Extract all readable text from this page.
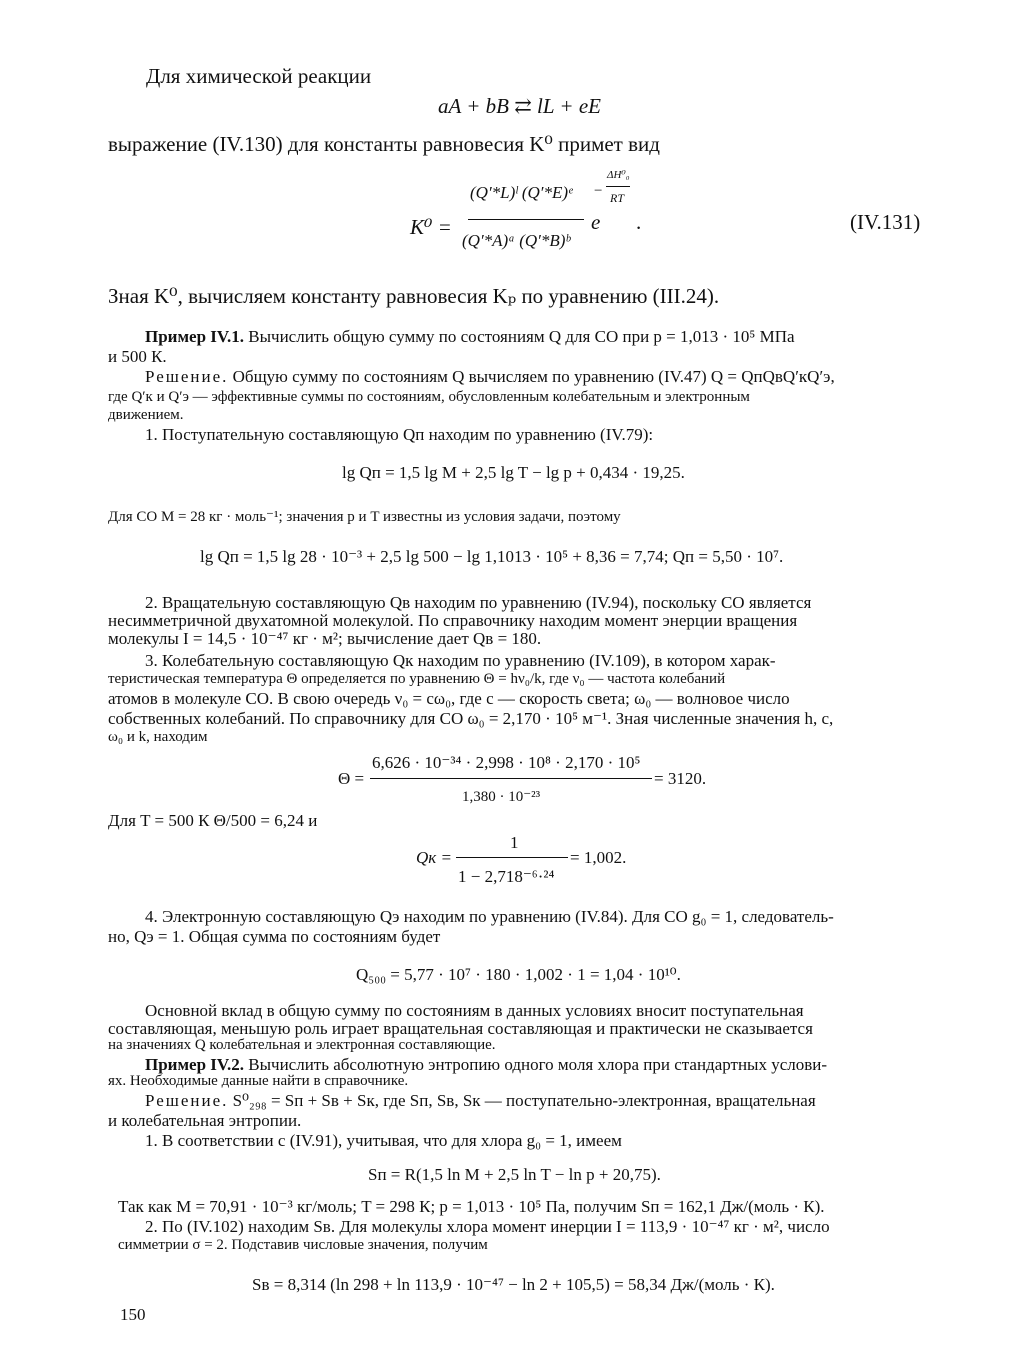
Для химической реакции
aA + bB ⇄ lL + eE
выражение (IV.130) для константы равновесия K⁰ примет вид
K⁰ =
(Q′*L)ˡ (Q′*E)ᵉ
(Q′*A)ᵃ (Q′*B)ᵇ
e
−
ΔH⁰₀
RT
.	(IV.131)
Зная K⁰, вычисляем константу равновесия Kₚ по уравнению (III.24).
Пример IV.1. Вычислить общую сумму по состояниям Q для CO при p = 1,013 · 10⁵ МПа
и 500 К.
Решение. Общую сумму по состояниям Q вычисляем по уравнению (IV.47) Q = QпQвQ′кQ′э,
где Q′к и Q′э — эффективные суммы по состояниям, обусловленным колебательным и электронным
движением.
1. Поступательную составляющую Qп находим по уравнению (IV.79):
lg Qп = 1,5 lg M + 2,5 lg T − lg p + 0,434 · 19,25.
Для CO M = 28 кг · моль⁻¹; значения p и T известны из условия задачи, поэтому
lg Qп = 1,5 lg 28 · 10⁻³ + 2,5 lg 500 − lg 1,1013 · 10⁵ + 8,36 = 7,74; Qп = 5,50 · 10⁷.
2. Вращательную составляющую Qв находим по уравнению (IV.94), поскольку CO является
несимметричной двухатомной молекулой. По справочнику находим момент энерции вращения
молекулы I = 14,5 · 10⁻⁴⁷ кг · м²; вычисление дает Qв = 180.
3. Колебательную составляющую Qк находим по уравнению (IV.109), в котором харак-
теристическая температура Θ определяется по уравнению Θ = hν₀/k, где ν₀ — частота колебаний
атомов в молекуле CO. В свою очередь ν₀ = cω₀, где c — скорость света; ω₀ — волновое число
собственных колебаний. По справочнику для CO ω₀ = 2,170 · 10⁵ м⁻¹. Зная численные значения h, c,
ω₀ и k, находим
Θ =
6,626 · 10⁻³⁴ · 2,998 · 10⁸ · 2,170 · 10⁵
1,380 · 10⁻²³
= 3120.
Для T = 500 К Θ/500 = 6,24 и
Qк =
1
1 − 2,718⁻⁶·²⁴
= 1,002.
4. Электронную составляющую Qэ находим по уравнению (IV.84). Для CO g₀ = 1, следователь-
но, Qэ = 1. Общая сумма по состояниям будет
Q₅₀₀ = 5,77 · 10⁷ · 180 · 1,002 · 1 = 1,04 · 10¹⁰.
Основной вклад в общую сумму по состояниям в данных условиях вносит поступательная
составляющая, меньшую роль играет вращательная составляющая и практически не сказывается
на значениях Q колебательная и электронная составляющие.
Пример IV.2. Вычислить абсолютную энтропию одного моля хлора при стандартных услови-
ях. Необходимые данные найти в справочнике.
Решение. S⁰₂₉₈ = Sп + Sв + Sк, где Sп, Sв, Sк — поступательно-электронная, вращательная
и колебательная энтропии.
1. В соответствии с (IV.91), учитывая, что для хлора g₀ = 1, имеем
Sп = R(1,5 ln M + 2,5 ln T − ln p + 20,75).
Так как M = 70,91 · 10⁻³ кг/моль; T = 298 К; p = 1,013 · 10⁵ Па, получим Sп = 162,1 Дж/(моль · К).
2. По (IV.102) находим Sв. Для молекулы хлора момент инерции I = 113,9 · 10⁻⁴⁷ кг · м², число
симметрии σ = 2. Подставив числовые значения, получим
Sв = 8,314 (ln 298 + ln 113,9 · 10⁻⁴⁷ − ln 2 + 105,5) = 58,34 Дж/(моль · К).
150
